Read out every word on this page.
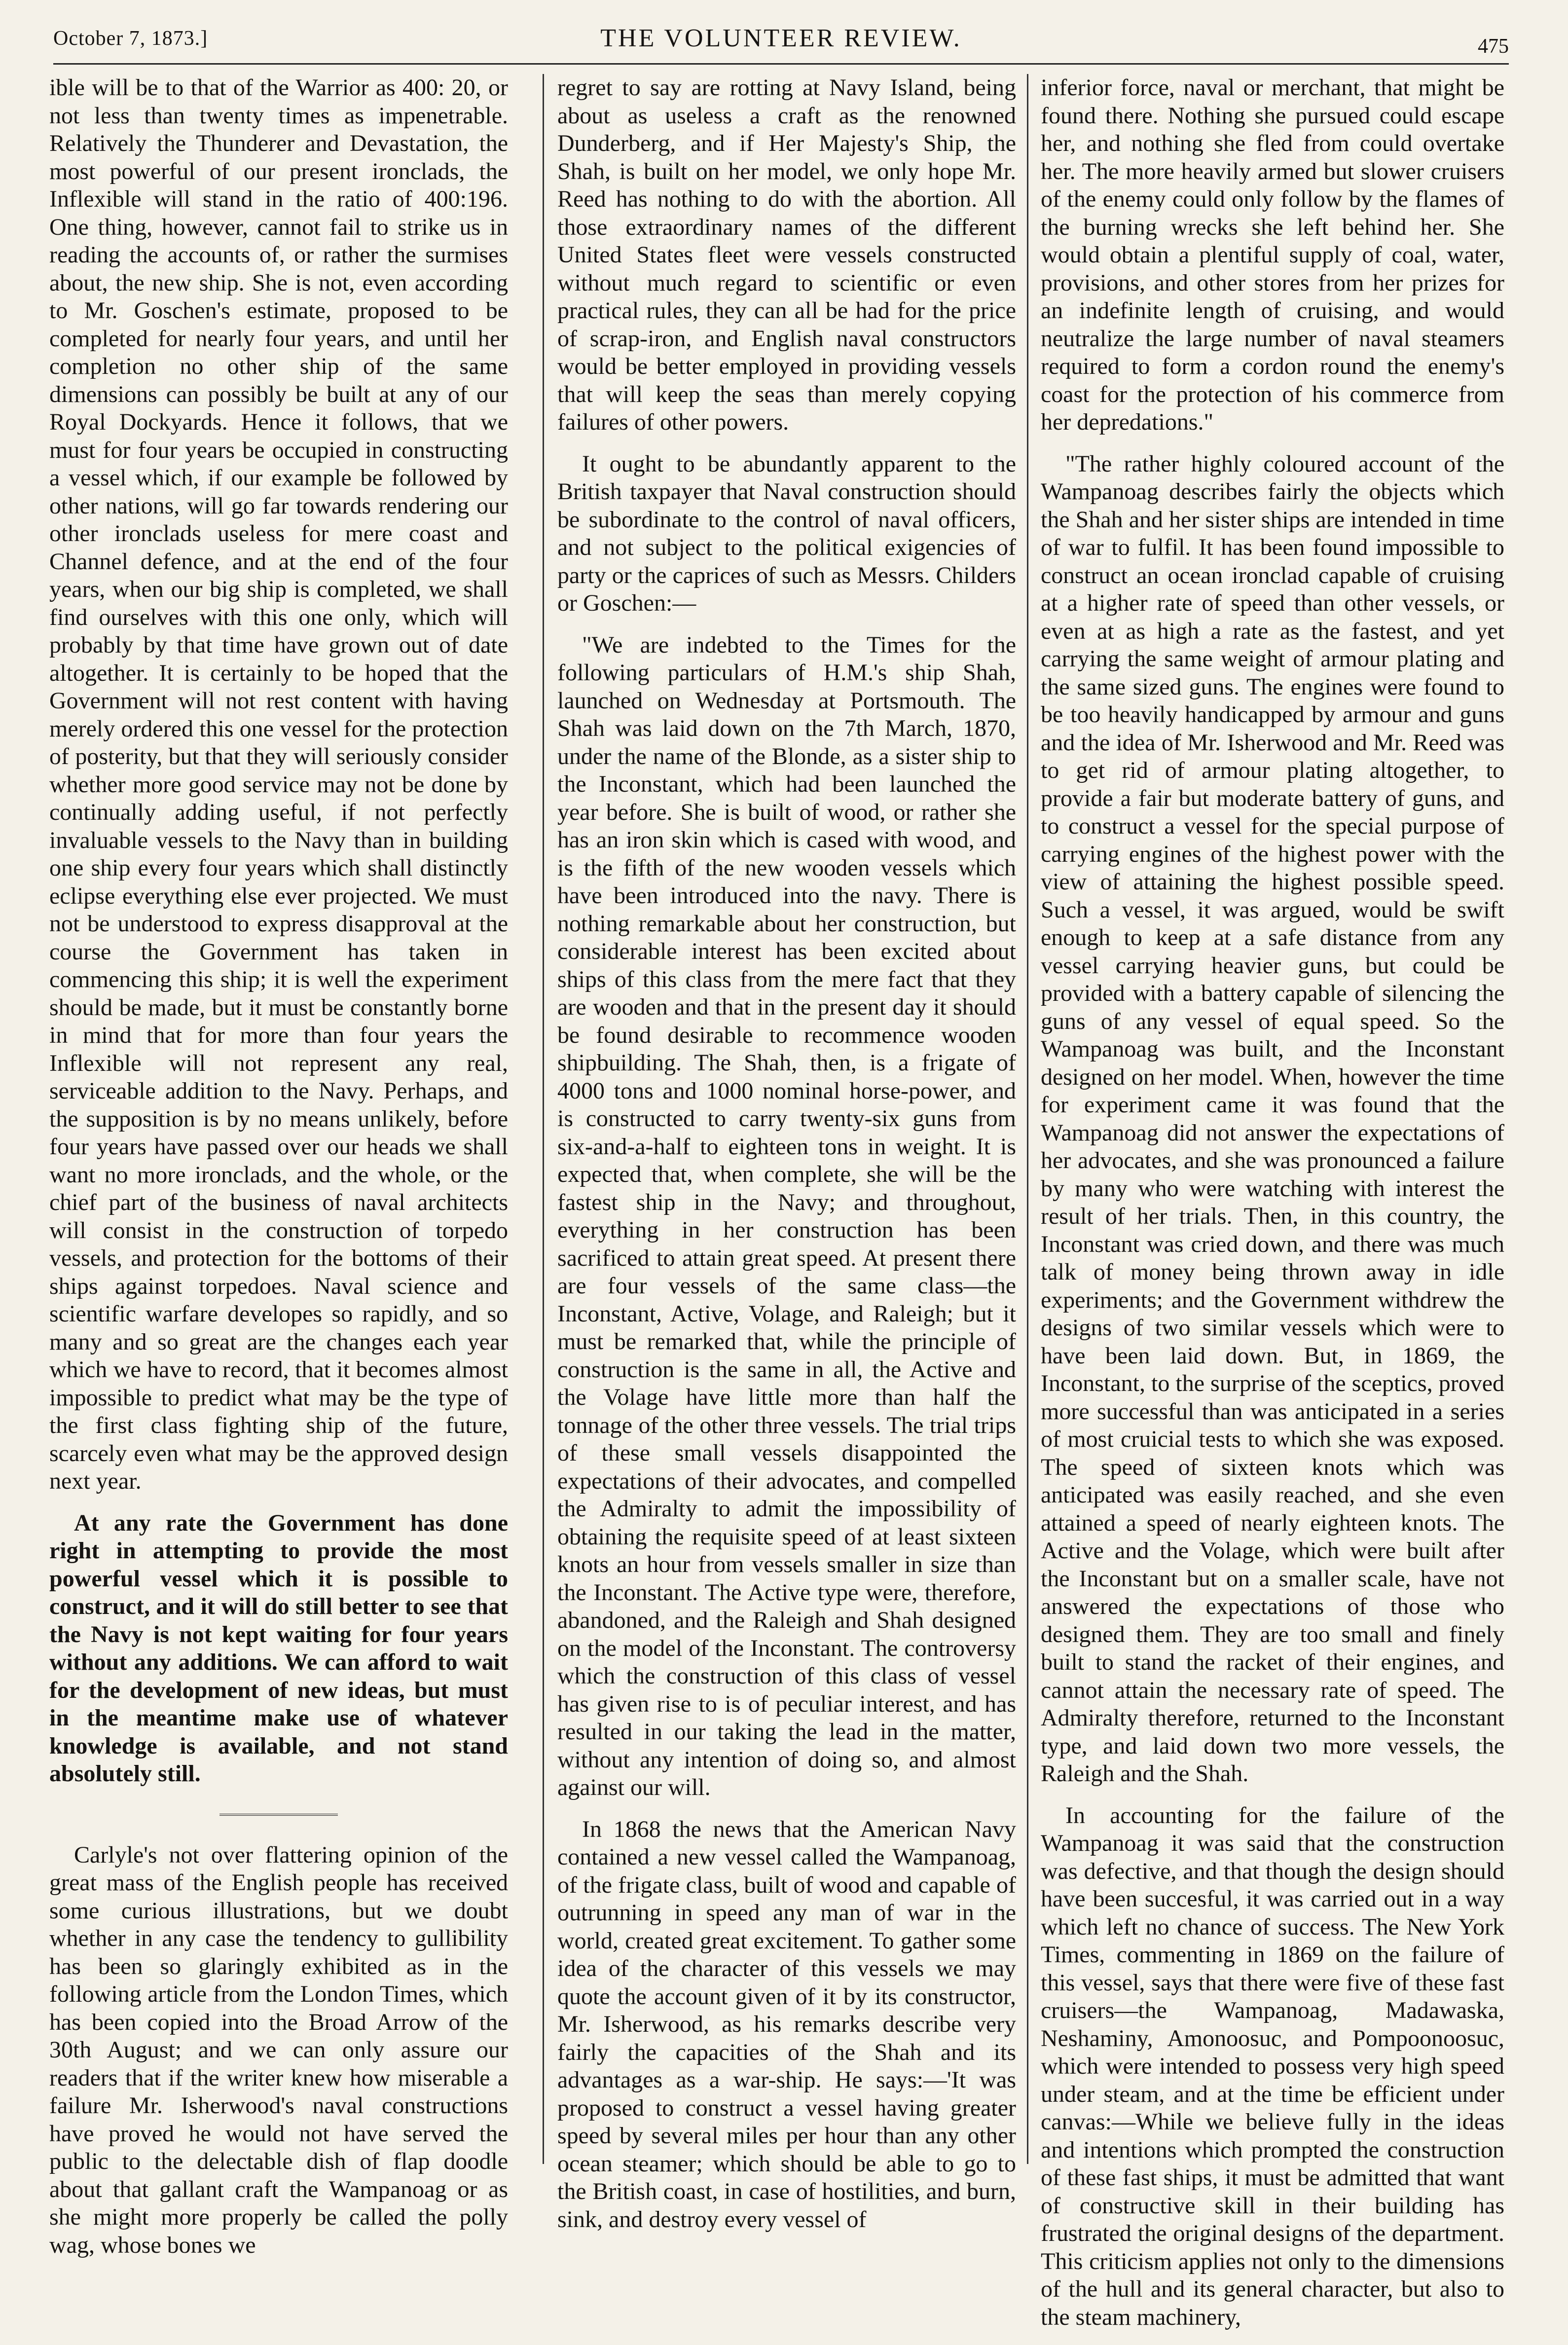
October 7, 1873.]	THE VOLUNTEER REVIEW.	475

ible will be to that of the Warrior as 400: 20, or not less than twenty times as impenetrable. Relatively the Thunderer and Devastation, the most powerful of our present ironclads, the Inflexible will stand in the ratio of 400:196. One thing, however, cannot fail to strike us in reading the accounts of, or rather the surmises about, the new ship. She is not, even according to Mr. Goschen's estimate, proposed to be completed for nearly four years, and until her completion no other ship of the same dimensions can possibly be built at any of our Royal Dockyards. Hence it follows, that we must for four years be occupied in constructing a vessel which, if our example be followed by other nations, will go far towards rendering our other ironclads useless for mere coast and Channel defence, and at the end of the four years, when our big ship is completed, we shall find ourselves with this one only, which will probably by that time have grown out of date altogether. It is certainly to be hoped that the Government will not rest content with having merely ordered this one vessel for the protection of posterity, but that they will seriously consider whether more good service may not be done by continually adding useful, if not perfectly invaluable vessels to the Navy than in building one ship every four years which shall distinctly eclipse everything else ever projected. We must not be understood to express disapproval at the course the Government has taken in commencing this ship; it is well the experiment should be made, but it must be constantly borne in mind that for more than four years the Inflexible will not represent any real, serviceable addition to the Navy. Perhaps, and the supposition is by no means unlikely, before four years have passed over our heads we shall want no more ironclads, and the whole, or the chief part of the business of naval architects will consist in the construction of torpedo vessels, and protection for the bottoms of their ships against torpedoes. Naval science and scientific warfare developes so rapidly, and so many and so great are the changes each year which we have to record, that it becomes almost impossible to predict what may be the type of the first class fighting ship of the future, scarcely even what may be the approved design next year.

At any rate the Government has done right in attempting to provide the most powerful vessel which it is possible to construct, and it will do still better to see that the Navy is not kept waiting for four years without any additions. We can afford to wait for the development of new ideas, but must in the meantime make use of whatever knowledge is available, and not stand absolutely still.

Carlyle's not over flattering opinion of the great mass of the English people has received some curious illustrations, but we doubt whether in any case the tendency to gullibility has been so glaringly exhibited as in the following article from the London Times, which has been copied into the Broad Arrow of the 30th August; and we can only assure our readers that if the writer knew how miserable a failure Mr. Isherwood's naval constructions have proved he would not have served the public to the delectable dish of flap doodle about that gallant craft the Wampanoag or as she might more properly be called the polly wag, whose bones we

regret to say are rotting at Navy Island, being about as useless a craft as the renowned Dunderberg, and if Her Majesty's Ship, the Shah, is built on her model, we only hope Mr. Reed has nothing to do with the abortion. All those extraordinary names of the different United States fleet were vessels constructed without much regard to scientific or even practical rules, they can all be had for the price of scrap-iron, and English naval constructors would be better employed in providing vessels that will keep the seas than merely copying failures of other powers.

It ought to be abundantly apparent to the British taxpayer that Naval construction should be subordinate to the control of naval officers, and not subject to the political exigencies of party or the caprices of such as Messrs. Childers or Goschen:—

"We are indebted to the Times for the following particulars of H.M.'s ship Shah, launched on Wednesday at Portsmouth. The Shah was laid down on the 7th March, 1870, under the name of the Blonde, as a sister ship to the Inconstant, which had been launched the year before. She is built of wood, or rather she has an iron skin which is cased with wood, and is the fifth of the new wooden vessels which have been introduced into the navy. There is nothing remarkable about her construction, but considerable interest has been excited about ships of this class from the mere fact that they are wooden and that in the present day it should be found desirable to recommence wooden shipbuilding. The Shah, then, is a frigate of 4000 tons and 1000 nominal horse-power, and is constructed to carry twenty-six guns from six-and-a-half to eighteen tons in weight. It is expected that, when complete, she will be the fastest ship in the Navy; and throughout, everything in her construction has been sacrificed to attain great speed. At present there are four vessels of the same class—the Inconstant, Active, Volage, and Raleigh; but it must be remarked that, while the principle of construction is the same in all, the Active and the Volage have little more than half the tonnage of the other three vessels. The trial trips of these small vessels disappointed the expectations of their advocates, and compelled the Admiralty to admit the impossibility of obtaining the requisite speed of at least sixteen knots an hour from vessels smaller in size than the Inconstant. The Active type were, therefore, abandoned, and the Raleigh and Shah designed on the model of the Inconstant. The controversy which the construction of this class of vessel has given rise to is of peculiar interest, and has resulted in our taking the lead in the matter, without any intention of doing so, and almost against our will.

In 1868 the news that the American Navy contained a new vessel called the Wampanoag, of the frigate class, built of wood and capable of outrunning in speed any man of war in the world, created great excitement. To gather some idea of the character of this vessels we may quote the account given of it by its constructor, Mr. Isherwood, as his remarks describe very fairly the capacities of the Shah and its advantages as a war-ship. He says:—'It was proposed to construct a vessel having greater speed by several miles per hour than any other ocean steamer; which should be able to go to the British coast, in case of hostilities, and burn, sink, and destroy every vessel of

inferior force, naval or merchant, that might be found there. Nothing she pursued could escape her, and nothing she fled from could overtake her. The more heavily armed but slower cruisers of the enemy could only follow by the flames of the burning wrecks she left behind her. She would obtain a plentiful supply of coal, water, provisions, and other stores from her prizes for an indefinite length of cruising, and would neutralize the large number of naval steamers required to form a cordon round the enemy's coast for the protection of his commerce from her depredations."

"The rather highly coloured account of the Wampanoag describes fairly the objects which the Shah and her sister ships are intended in time of war to fulfil. It has been found impossible to construct an ocean ironclad capable of cruising at a higher rate of speed than other vessels, or even at as high a rate as the fastest, and yet carrying the same weight of armour plating and the same sized guns. The engines were found to be too heavily handicapped by armour and guns and the idea of Mr. Isherwood and Mr. Reed was to get rid of armour plating altogether, to provide a fair but moderate battery of guns, and to construct a vessel for the special purpose of carrying engines of the highest power with the view of attaining the highest possible speed. Such a vessel, it was argued, would be swift enough to keep at a safe distance from any vessel carrying heavier guns, but could be provided with a battery capable of silencing the guns of any vessel of equal speed. So the Wampanoag was built, and the Inconstant designed on her model. When, however the time for experiment came it was found that the Wampanoag did not answer the expectations of her advocates, and she was pronounced a failure by many who were watching with interest the result of her trials. Then, in this country, the Inconstant was cried down, and there was much talk of money being thrown away in idle experiments; and the Government withdrew the designs of two similar vessels which were to have been laid down. But, in 1869, the Inconstant, to the surprise of the sceptics, proved more successful than was anticipated in a series of most cruicial tests to which she was exposed. The speed of sixteen knots which was anticipated was easily reached, and she even attained a speed of nearly eighteen knots. The Active and the Volage, which were built after the Inconstant but on a smaller scale, have not answered the expectations of those who designed them. They are too small and finely built to stand the racket of their engines, and cannot attain the necessary rate of speed. The Admiralty therefore, returned to the Inconstant type, and laid down two more vessels, the Raleigh and the Shah.

In accounting for the failure of the Wampanoag it was said that the construction was defective, and that though the design should have been succesful, it was carried out in a way which left no chance of success. The New York Times, commenting in 1869 on the failure of this vessel, says that there were five of these fast cruisers—the Wampanoag, Madawaska, Neshaminy, Amonoosuc, and Pompoonoosuc, which were intended to possess very high speed under steam, and at the time be efficient under canvas:—While we believe fully in the ideas and intentions which prompted the construction of these fast ships, it must be admitted that want of constructive skill in their building has frustrated the original designs of the department. This criticism applies not only to the dimensions of the hull and its general character, but also to the steam machinery,
